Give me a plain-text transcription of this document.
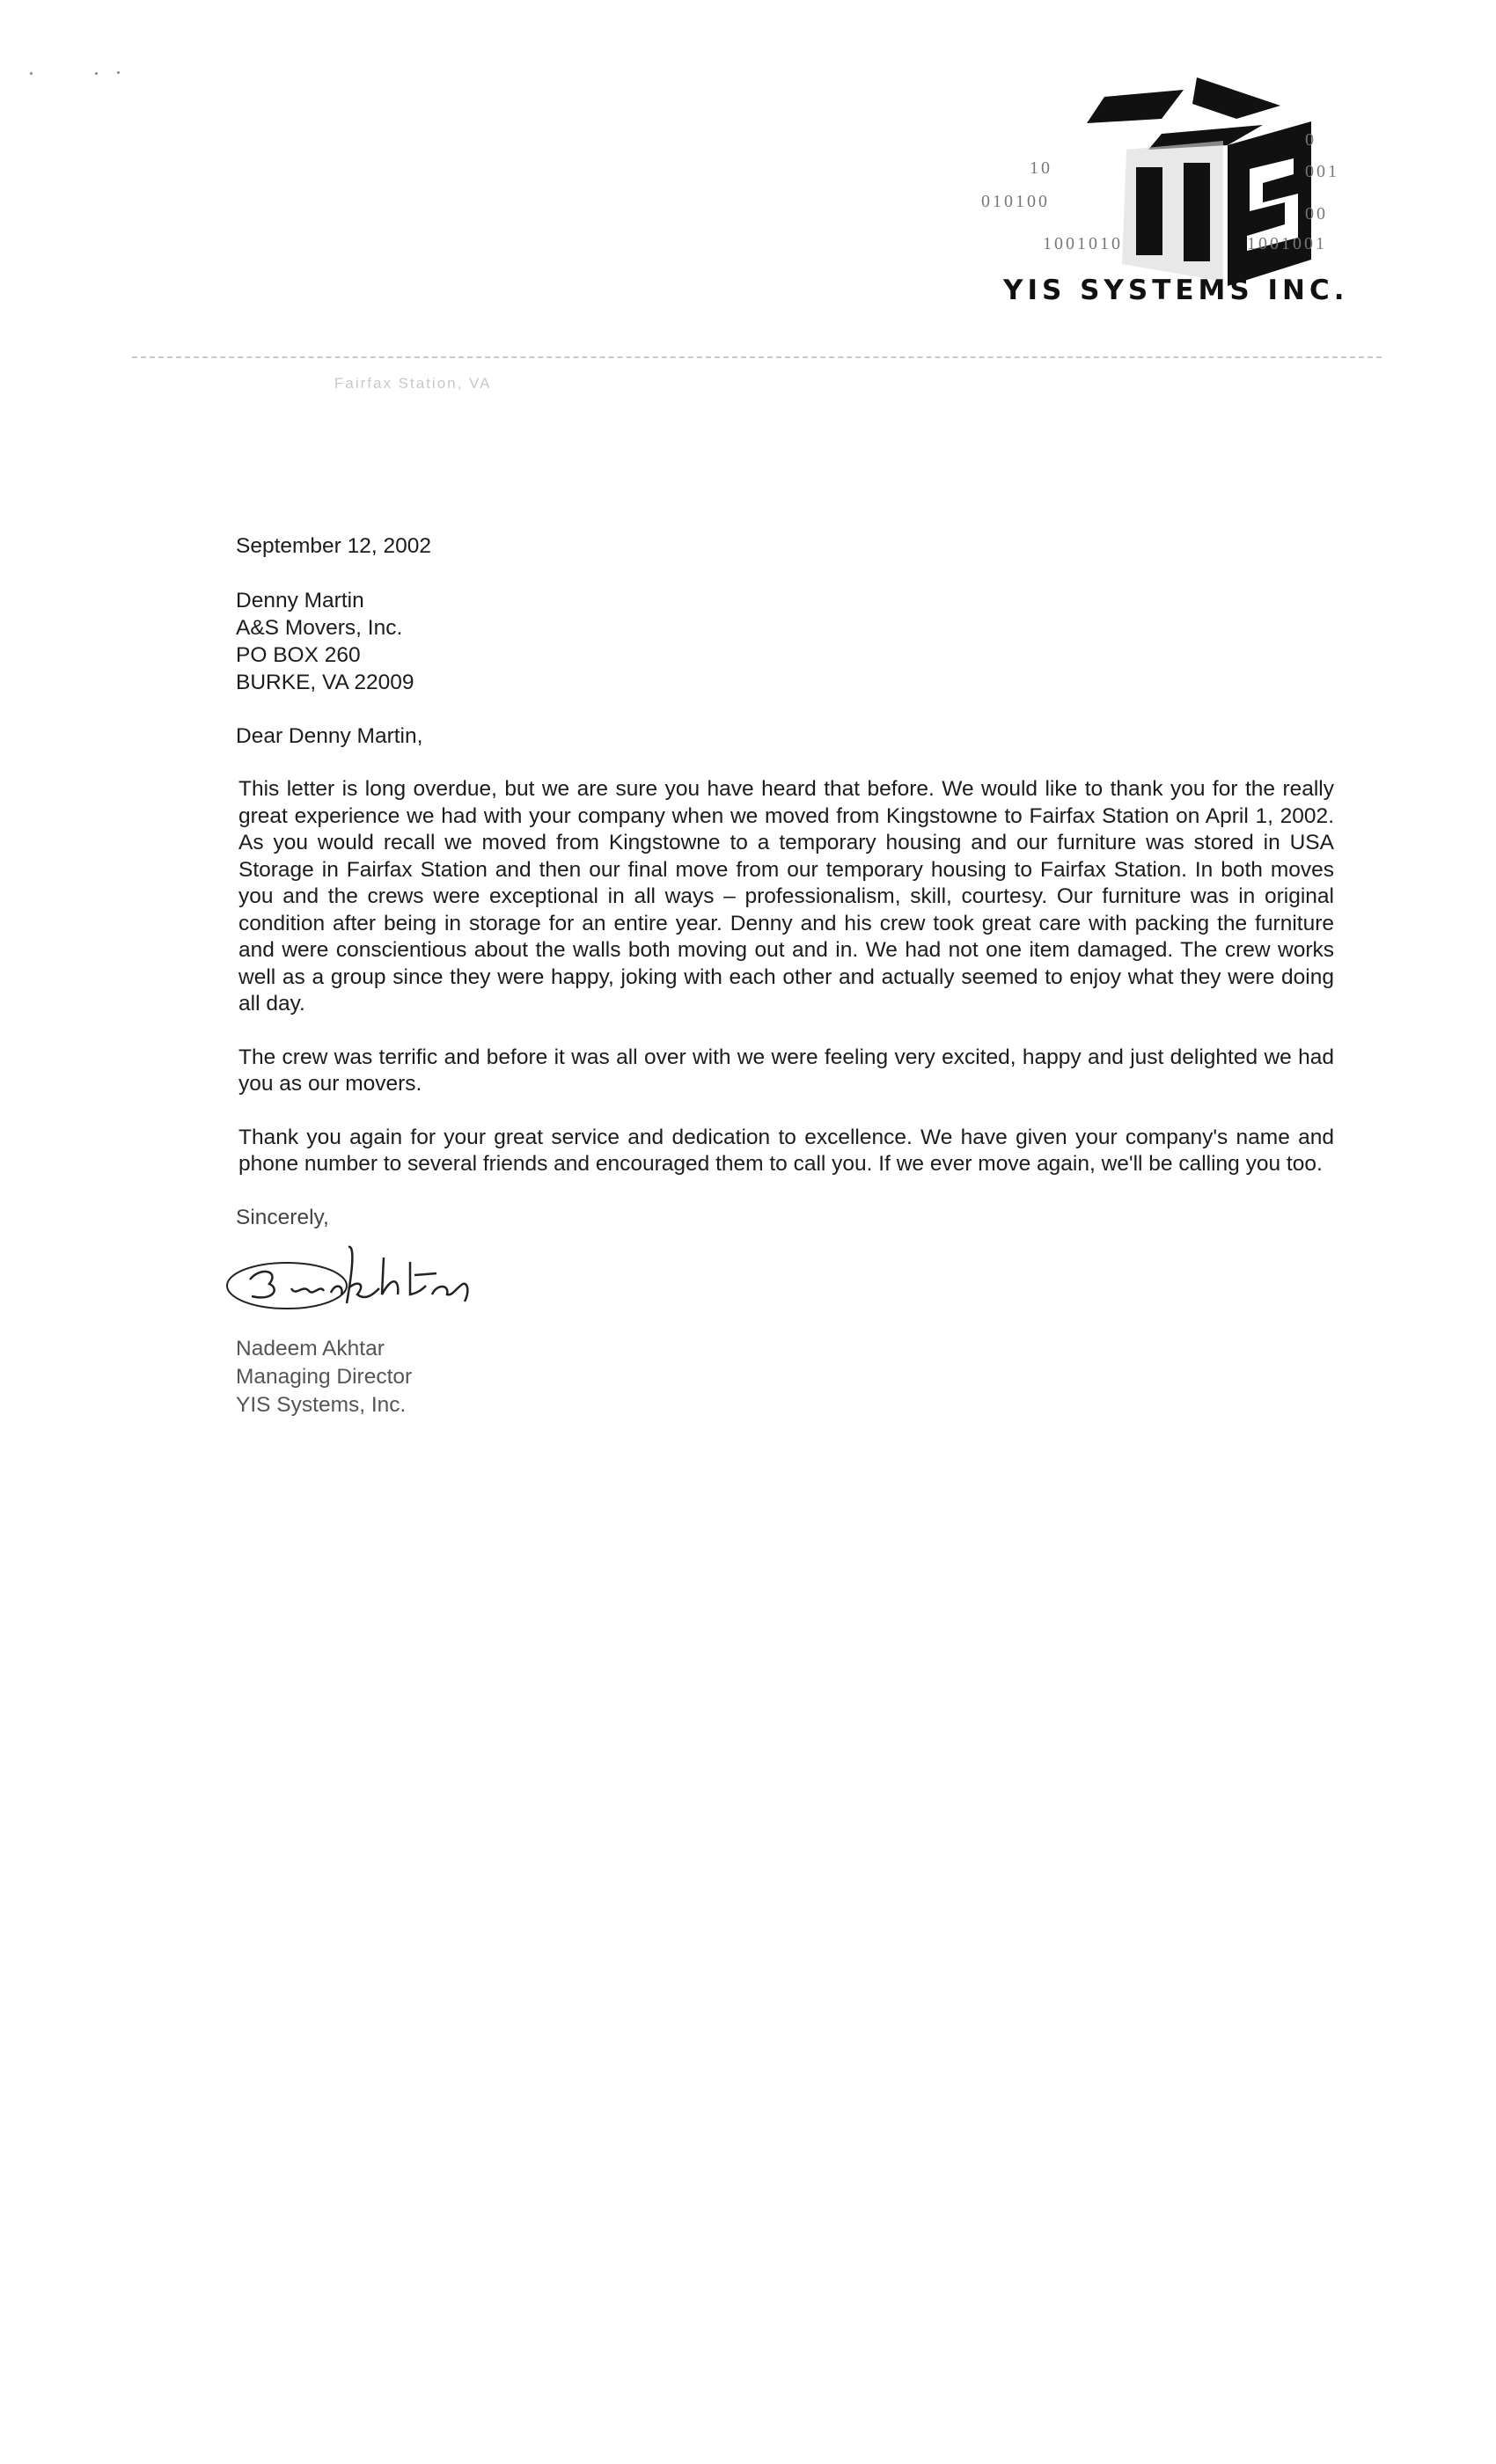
10
010100
1001010
0
001
00
1001001
YIS SYSTEMS INC.
Fairfax Station, VA
September 12, 2002
Denny Martin
A&S Movers, Inc.
PO BOX 260
BURKE, VA 22009
Dear Denny Martin,

This letter is long overdue, but we are sure you have heard that before. We would like to thank you for the really great experience we had with your company when we moved from Kingstowne to Fairfax Station on April 1, 2002. As you would recall we moved from Kingstowne to a temporary housing and our furniture was stored in USA Storage in Fairfax Station and then our final move from our temporary housing to Fairfax Station. In both moves you and the crews were exceptional in all ways – professionalism, skill, courtesy. Our furniture was in original condition after being in storage for an entire year. Denny and his crew took great care with packing the furniture and were conscientious about the walls both moving out and in. We had not one item damaged. The crew works well as a group since they were happy, joking with each other and actually seemed to enjoy what they were doing all day.

The crew was terrific and before it was all over with we were feeling very excited, happy and just delighted we had you as our movers.

Thank you again for your great service and dedication to excellence. We have given your company's name and phone number to several friends and encouraged them to call you. If we ever move again, we'll be calling you too.

Sincerely,
Nadeem Akhtar
Managing Director
YIS Systems, Inc.
